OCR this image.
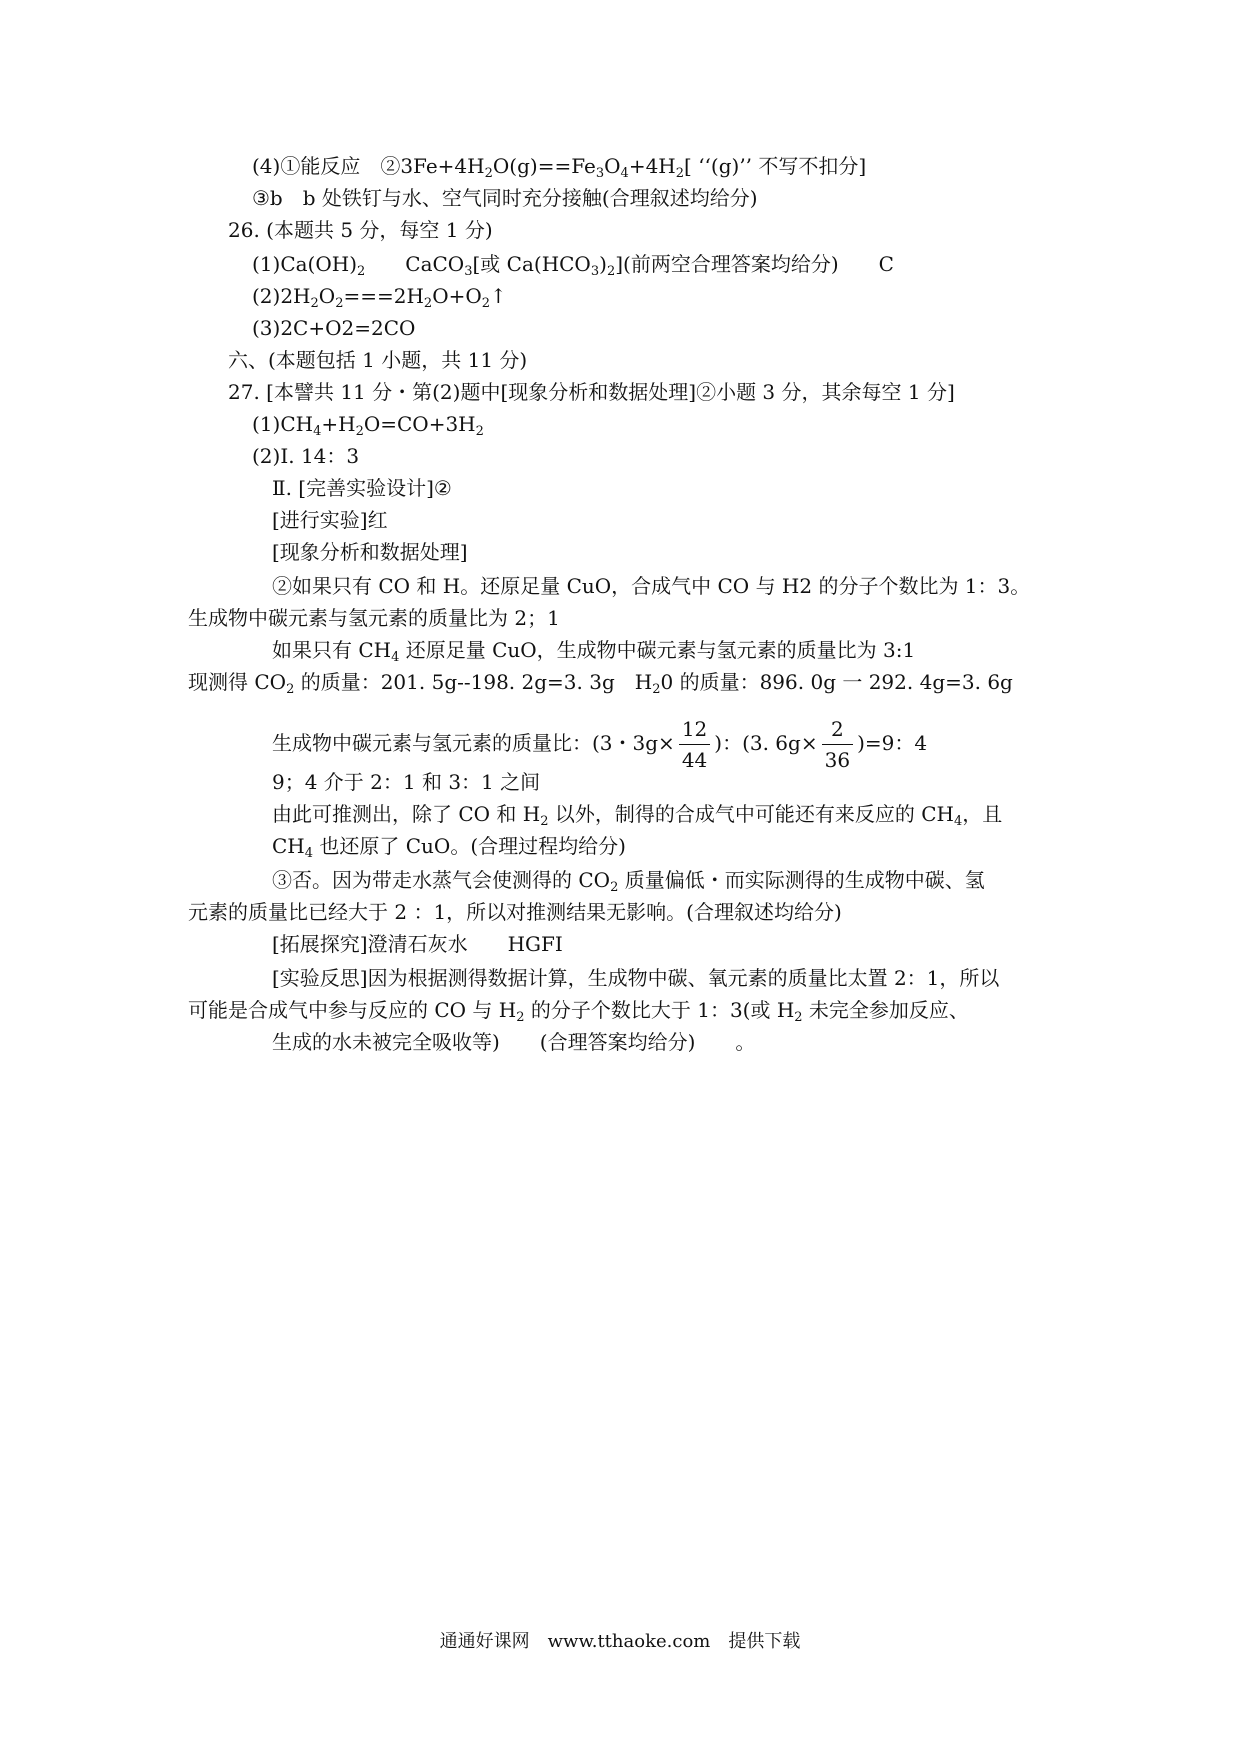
(4)①能反应　$②3Fe+4H_2O(g)==Fe_3O_4+4H_2$[ ‘‘(g)’’ 不写不扣分]
③b　b 处铁钉与水、空气同时充分接触(合理叙述均给分)
26. (本题共 5 分，每空 1 分)
$(1)Ca(OH)_2$　　CaCO$_3$[或 $Ca(HCO_3)_2$](前两空合理答案均给分)　　C
$(2)2H_2O_2===2H_2O+O_2↑$
(3)2C+O2=2CO
六、(本题包括 1 小题，共 11 分)
27. [本譬共 11 分・第(2)题中[现象分析和数据处理]②小题 3 分，其余每空 1 分]
$(1)CH_4+H_2O=CO+3H_2$
(2)I. 14：3
Ⅱ. [完善实验设计]②
[进行实验]红
[现象分析和数据处理]
②如果只有 CO 和 H。还原足量 CuO，合成气中 CO 与 H2 的分子个数比为 1：3。
生成物中碳元素与氢元素的质量比为 2；1
如果只有 $CH_4$ 还原足量 CuO，生成物中碳元素与氢元素的质量比为 3:1
现测得 $CO_2$ 的质量：201. 5g--198. 2g=3. 3g　$H_20$ 的质量：896. 0g 一 292. 4g=3. 6g
生成物中碳元素与氢元素的质量比：(3・$3g\times \frac{12}{44}$ )：(3. $6g\times \frac{2}{36} )=9$：4
9；4 介于 2：1 和 3：1 之间
由此可推测出，除了 CO 和 $H_2$ 以外，制得的合成气中可能还有来反应的 $CH_4$，且
$CH_4$ 也还原了 CuO。(合理过程均给分)
③否。因为带走水蒸气会使测得的 $CO_2$ 质量偏低・而实际测得的生成物中碳、氢
元素的质量比已经大于 2 ：1，所以对推测结果无影响。(合理叙述均给分)
[拓展探究]澄清石灰水　　HGFI
[实验反思]因为根据测得数据计算，生成物中碳、氧元素的质量比太置 2：1，所以
可能是合成气中参与反应的 CO 与 $H_2$ 的分子个数比大于 1：3(或 $H_2$ 未完全参加反应、
生成的水未被完全吸收等)　　(合理答案均给分)　　。
通通好课网　www.tthaoke.com　提供下载
